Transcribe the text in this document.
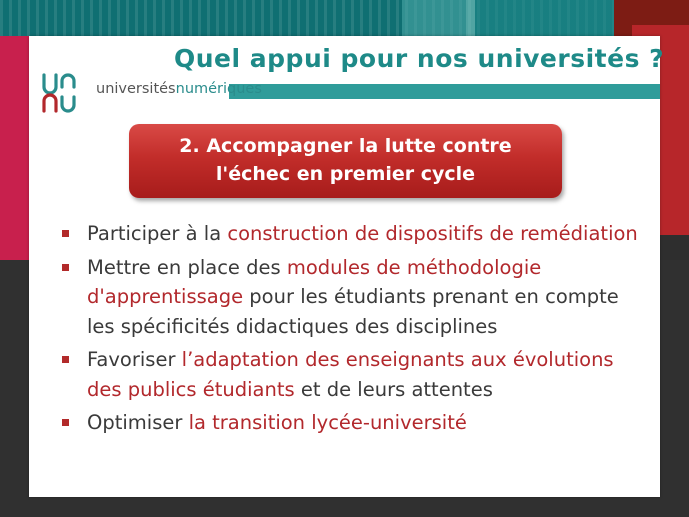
Quel appui pour nos universités ?
universitésnumériques
2. Accompagner la lutte contre
l'échec en premier cycle
Participer à la construction de dispositifs de remédiation
Mettre en place des modules de méthodologie d'apprentissage pour les étudiants prenant en compte les spécificités didactiques des disciplines
Favoriser l’adaptation des enseignants aux évolutions des publics étudiants et de leurs attentes
Optimiser la transition lycée-université
